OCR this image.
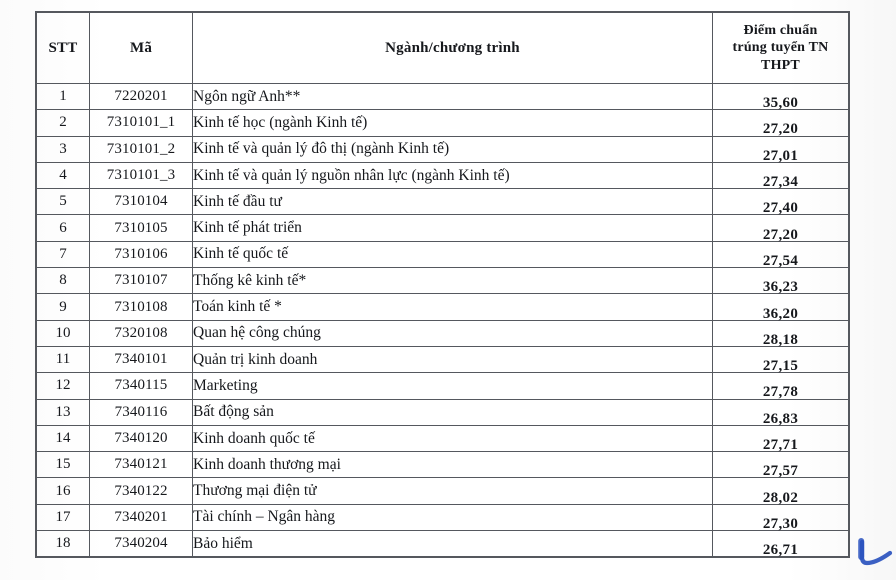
STT	Mã	Ngành/chương trình	Điểm chuẩn
trúng tuyển TN
THPT

1	7220201	Ngôn ngữ Anh**	35,60

2	7310101_1	Kinh tế học (ngành Kinh tế)	27,20

3	7310101_2	Kinh tế và quản lý đô thị (ngành Kinh tế)	27,01

4	7310101_3	Kinh tế và quản lý nguồn nhân lực (ngành Kinh tế)	27,34

5	7310104	Kinh tế đầu tư	27,40

6	7310105	Kinh tế phát triển	27,20

7	7310106	Kinh tế quốc tế	27,54

8	7310107	Thống kê kinh tế*	36,23

9	7310108	Toán kinh tế *	36,20

10	7320108	Quan hệ công chúng	28,18

11	7340101	Quản trị kinh doanh	27,15

12	7340115	Marketing	27,78

13	7340116	Bất động sản	26,83

14	7340120	Kinh doanh quốc tế	27,71

15	7340121	Kinh doanh thương mại	27,57

16	7340122	Thương mại điện tử	28,02

17	7340201	Tài chính – Ngân hàng	27,30

18	7340204	Bảo hiểm	26,71
